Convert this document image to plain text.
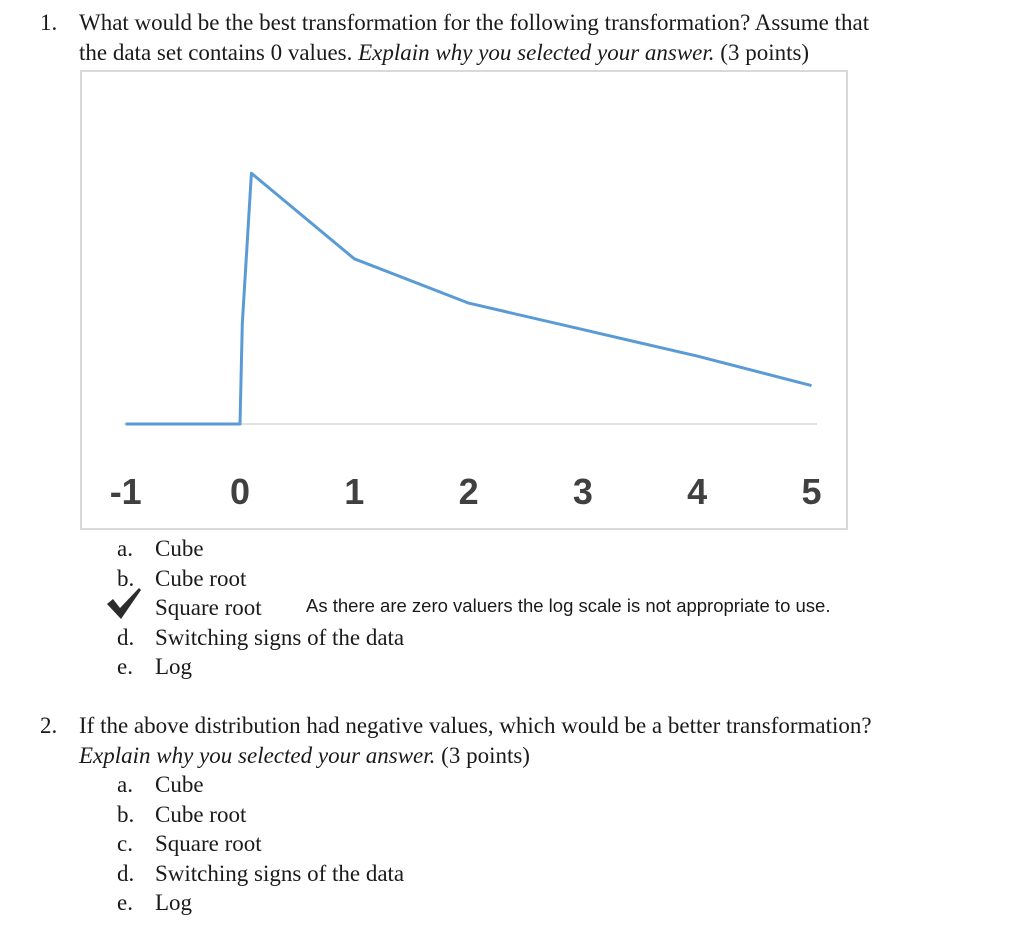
1. What would be the best transformation for the following transformation? Assume that
the data set contains 0 values. Explain why you selected your answer. (3 points)
-1 0	1	2	3	4	5
a. Cube
b. Cube root
Square root
d. Switching signs of the data
e. Log
As there are zero valuers the log scale is not appropriate to use.
2. If the above distribution had negative values, which would be a better transformation?
Explain why you selected your answer. (3 points)
a. Cube
b. Cube root
c. Square root
d. Switching signs of the data
e. Log
